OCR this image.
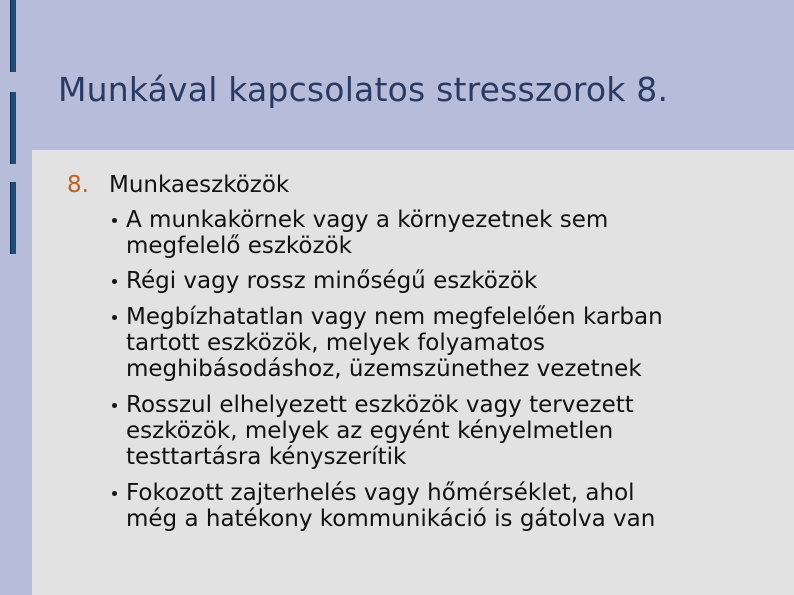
Munkával kapcsolatos stresszorok 8.
8. Munkaeszközök
A munkakörnek vagy a környezetnek sem
megfelelő eszközök
Régi vagy rossz minőségű eszközök
Megbízhatatlan vagy nem megfelelően karban
tartott eszközök, melyek folyamatos
meghibásodáshoz, üzemszünethez vezetnek
Rosszul elhelyezett eszközök vagy tervezett
eszközök, melyek az egyént kényelmetlen
testtartásra kényszerítik
Fokozott zajterhelés vagy hőmérséklet, ahol
még a hatékony kommunikáció is gátolva van
